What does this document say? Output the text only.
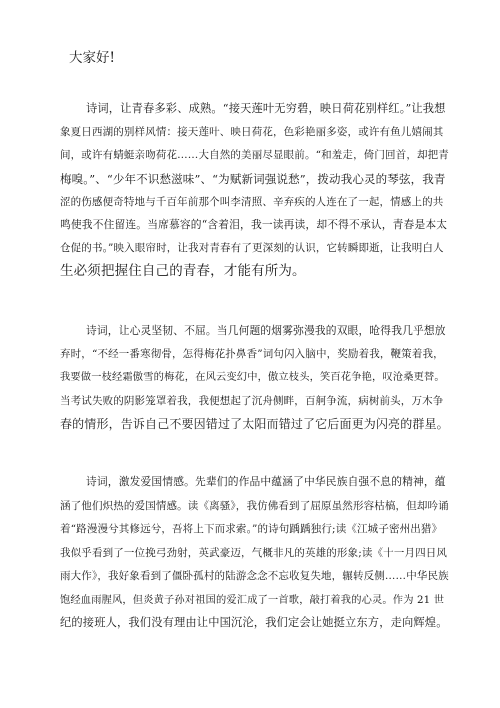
大家好!
诗词，让青春多彩、成熟。“接天莲叶无穷碧，映日荷花别样红。”让我想
象夏日西湖的别样风情：接天莲叶、映日荷花，色彩艳丽多姿，或许有鱼儿嬉闹其
间，或许有蜻蜓亲吻荷花……大自然的美丽尽显眼前。“和羞走，倚门回首，却把青
梅嗅。”、“少年不识愁滋味”、“为赋新词强说愁”，拨动我心灵的琴弦，我青
涩的伤感便奇特地与千百年前那个叫李清照、辛弃疾的人连在了一起，情感上的共
鸣使我不住留连。当席慕容的“含着泪，我一读再读，却不得不承认，青春是本太
仓促的书。”映入眼帘时，让我对青春有了更深刻的认识，它转瞬即逝，让我明白人
生必须把握住自己的青春，才能有所为。
诗词，让心灵坚韧、不屈。当几何题的烟雾弥漫我的双眼，呛得我几乎想放
弃时，“不经一番寒彻骨，怎得梅花扑鼻香”词句闪入脑中，奖励着我，鞭策着我，
我要做一枝经霜傲雪的梅花，在风云变幻中，傲立枝头，笑百花争艳，叹沧桑更替。
当考试失败的阴影笼罩着我，我便想起了沉舟侧畔，百舸争流，病树前头，万木争
春的情形，告诉自己不要因错过了太阳而错过了它后面更为闪亮的群星。
诗词，激发爱国情感。先辈们的作品中蕴涵了中华民族自强不息的精神，蕴
涵了他们炽热的爱国情感。读《离骚》，我仿佛看到了屈原虽然形容枯槁，但却吟诵
着“路漫漫兮其修远兮，吾将上下而求索。”的诗句踽踽独行;读《江城子密州出猎》
我似乎看到了一位挽弓劲射，英武豪迈，气概非凡的英雄的形象;读《十一月四日风
雨大作》，我好象看到了僵卧孤村的陆游念念不忘收复失地，辗转反侧……中华民族
饱经血雨腥风，但炎黄子孙对祖国的爱汇成了一首歌，敲打着我的心灵。作为 21 世
纪的接班人，我们没有理由让中国沉沦，我们定会让她挺立东方，走向辉煌。
